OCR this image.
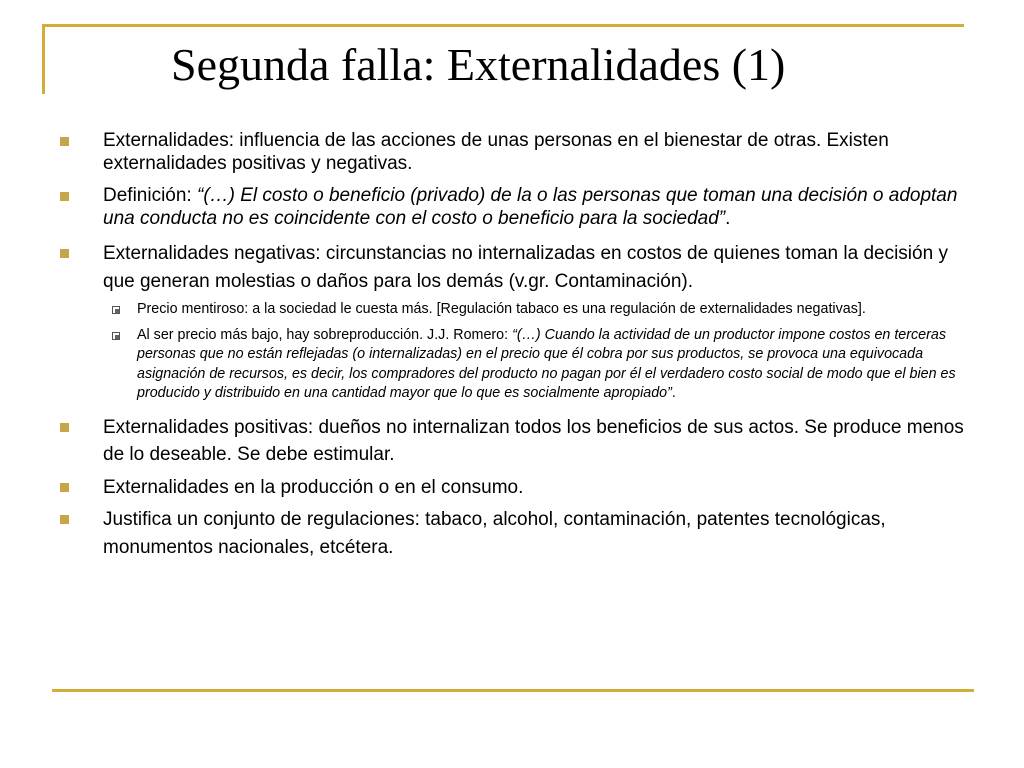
Segunda falla: Externalidades (1)
Externalidades: influencia de las acciones de unas personas en el bienestar de otras. Existen externalidades positivas y negativas.
Definición: “(…) El costo o beneficio (privado) de la o las personas que toman una decisión o adoptan una conducta no es coincidente con el costo o beneficio para la sociedad”.
Externalidades negativas: circunstancias no internalizadas en costos de quienes toman la decisión y que generan molestias o daños para los demás (v.gr. Contaminación).
Precio mentiroso: a la sociedad le cuesta más. [Regulación tabaco es una regulación de externalidades negativas].
Al ser precio más bajo, hay sobreproducción. J.J. Romero: “(…) Cuando la actividad de un productor impone costos en terceras personas que no están reflejadas (o internalizadas) en el precio que él cobra por sus productos, se provoca una equivocada asignación de recursos, es decir, los compradores del producto no pagan por él el verdadero costo social de modo que el bien es producido y distribuido en una cantidad mayor que lo que es socialmente apropiado”.
Externalidades positivas: dueños no internalizan todos los beneficios de sus actos. Se produce menos de lo deseable. Se debe estimular.
Externalidades en la producción o en el consumo.
Justifica un conjunto de regulaciones: tabaco, alcohol, contaminación, patentes tecnológicas, monumentos nacionales, etcétera.
